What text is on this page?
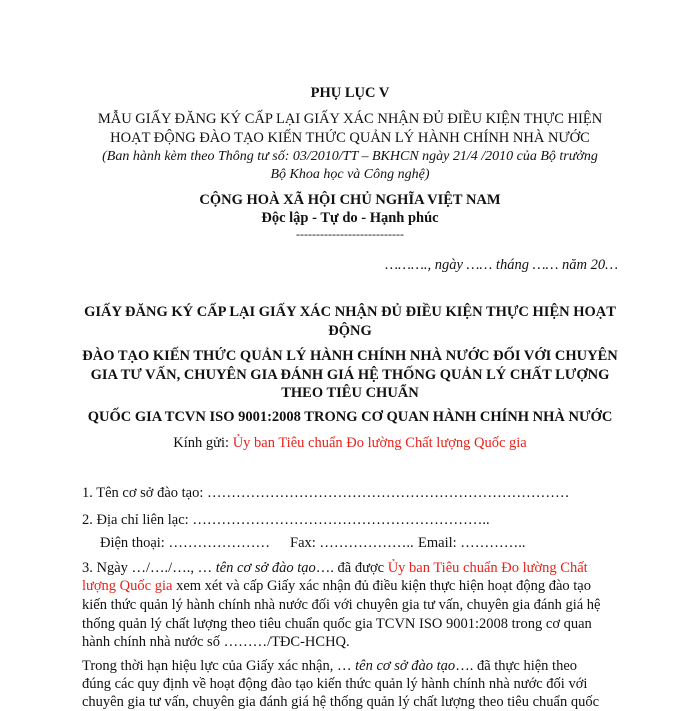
PHỤ LỤC V
MẪU GIẤY ĐĂNG KÝ CẤP LẠI GIẤY XÁC NHẬN ĐỦ ĐIỀU KIỆN THỰC HIỆN
HOẠT ĐỘNG ĐÀO TẠO KIẾN THỨC QUẢN LÝ HÀNH CHÍNH NHÀ NƯỚC
(Ban hành kèm theo Thông tư số: 03/2010/TT – BKHCN ngày 21/4 /2010 của Bộ trưởng
Bộ Khoa học và Công nghệ)
CỘNG HOÀ XÃ HỘI CHỦ NGHĨA VIỆT NAM
Độc lập - Tự do - Hạnh phúc
---------------------------
………., ngày …… tháng …… năm 20…
GIẤY ĐĂNG KÝ CẤP LẠI GIẤY XÁC NHẬN ĐỦ ĐIỀU KIỆN THỰC HIỆN HOẠT
ĐỘNG
ĐÀO TẠO KIẾN THỨC QUẢN LÝ HÀNH CHÍNH NHÀ NƯỚC ĐỐI VỚI CHUYÊN
GIA TƯ VẤN, CHUYÊN GIA ĐÁNH GIÁ HỆ THỐNG QUẢN LÝ CHẤT LƯỢNG
THEO TIÊU CHUẨN
QUỐC GIA TCVN ISO 9001:2008 TRONG CƠ QUAN HÀNH CHÍNH NHÀ NƯỚC
Kính gửi: Ủy ban Tiêu chuẩn Đo lường Chất lượng Quốc gia
1. Tên cơ sở đào tạo: …………………………………………………………………
2. Địa chỉ liên lạc: ……………………………………………………..
Điện thoại: ………………… Fax: ……………….. Email: …………..
3. Ngày …/…./…., … tên cơ sở đào tạo…. đã được Ủy ban Tiêu chuẩn Đo lường Chất
lượng Quốc gia xem xét và cấp Giấy xác nhận đủ điều kiện thực hiện hoạt động đào tạo
kiến thức quản lý hành chính nhà nước đối với chuyên gia tư vấn, chuyên gia đánh giá hệ
thống quản lý chất lượng theo tiêu chuẩn quốc gia TCVN ISO 9001:2008 trong cơ quan
hành chính nhà nước số ………/TĐC-HCHQ.
Trong thời hạn hiệu lực của Giấy xác nhận, … tên cơ sở đào tạo…. đã thực hiện theo
đúng các quy định về hoạt động đào tạo kiến thức quản lý hành chính nhà nước đối với
chuyên gia tư vấn, chuyên gia đánh giá hệ thống quản lý chất lượng theo tiêu chuẩn quốc
